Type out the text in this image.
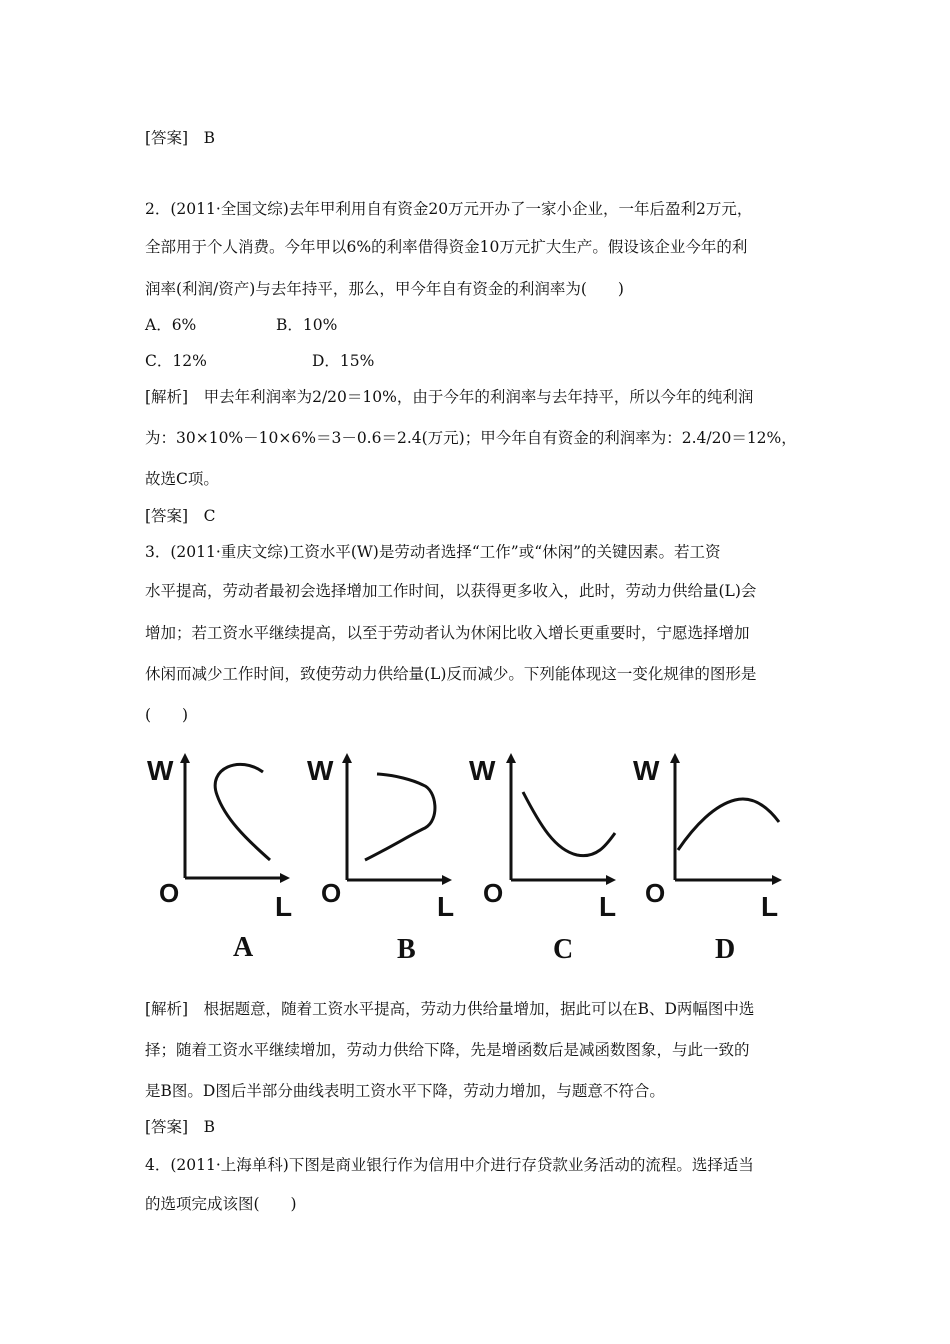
[答案]　B
2．(2011·全国文综)去年甲利用自有资金20万元开办了一家小企业，一年后盈利2万元，
全部用于个人消费。今年甲以6%的利率借得资金10万元扩大生产。假设该企业今年的利
润率(利润/资产)与去年持平，那么，甲今年自有资金的利润率为(　　)
A．6%	B．10%
C．12%	D．15%
[解析]　甲去年利润率为2/20＝10%，由于今年的利润率与去年持平，所以今年的纯利润
为：30×10%－10×6%＝3－0.6＝2.4(万元)；甲今年自有资金的利润率为：2.4/20＝12%，
故选C项。
[答案]　C
3．(2011·重庆文综)工资水平(W)是劳动者选择“工作”或“休闲”的关键因素。若工资
水平提高，劳动者最初会选择增加工作时间，以获得更多收入，此时，劳动力供给量(L)会
增加；若工资水平继续提高，以至于劳动者认为休闲比收入增长更重要时，宁愿选择增加
休闲而减少工作时间，致使劳动力供给量(L)反而减少。下列能体现这一变化规律的图形是
(　　)
W
O	L
A
W
O	L
B
W
O	L
C
W
O	L
D
[解析]　根据题意，随着工资水平提高，劳动力供给量增加，据此可以在B、D两幅图中选
择；随着工资水平继续增加，劳动力供给下降，先是增函数后是减函数图象，与此一致的
是B图。D图后半部分曲线表明工资水平下降，劳动力增加，与题意不符合。
[答案]　B
4．(2011·上海单科)下图是商业银行作为信用中介进行存贷款业务活动的流程。选择适当
的选项完成该图(　　)
